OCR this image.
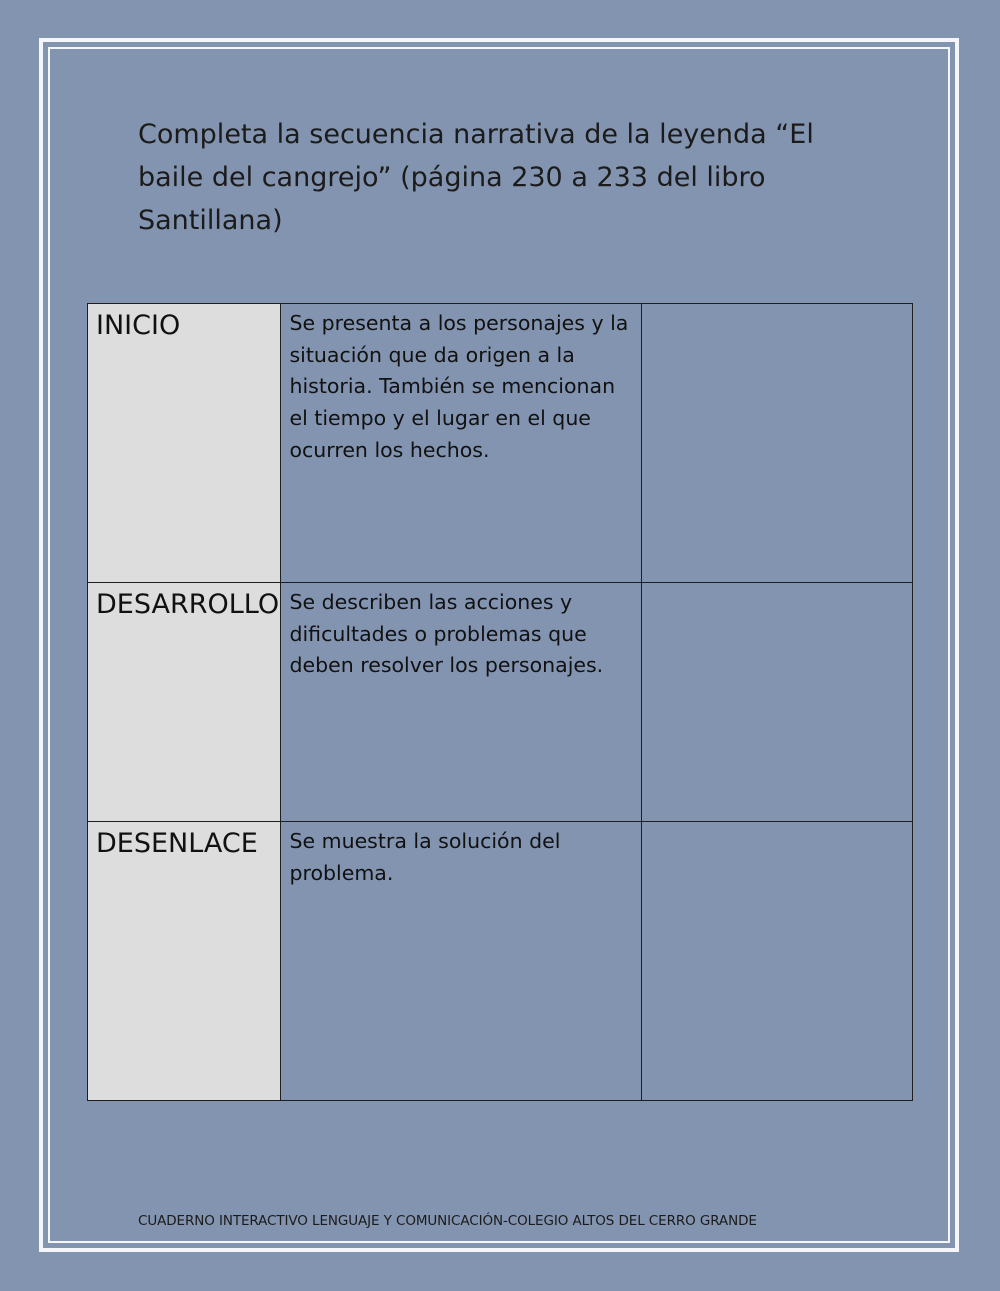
Completa la secuencia narrativa de la leyenda “El baile del cangrejo” (página 230 a 233 del libro Santillana)
INICIO	Se presenta a los personajes y la situación que da origen a la historia. También se mencionan el tiempo y el lugar en el que ocurren los hechos.	

DESARROLLO	Se describen las acciones y dificultades o problemas que deben resolver los personajes.	

DESENLACE	Se muestra la solución del problema.	

CUADERNO INTERACTIVO LENGUAJE Y COMUNICACIÓN-COLEGIO ALTOS DEL CERRO GRANDE
